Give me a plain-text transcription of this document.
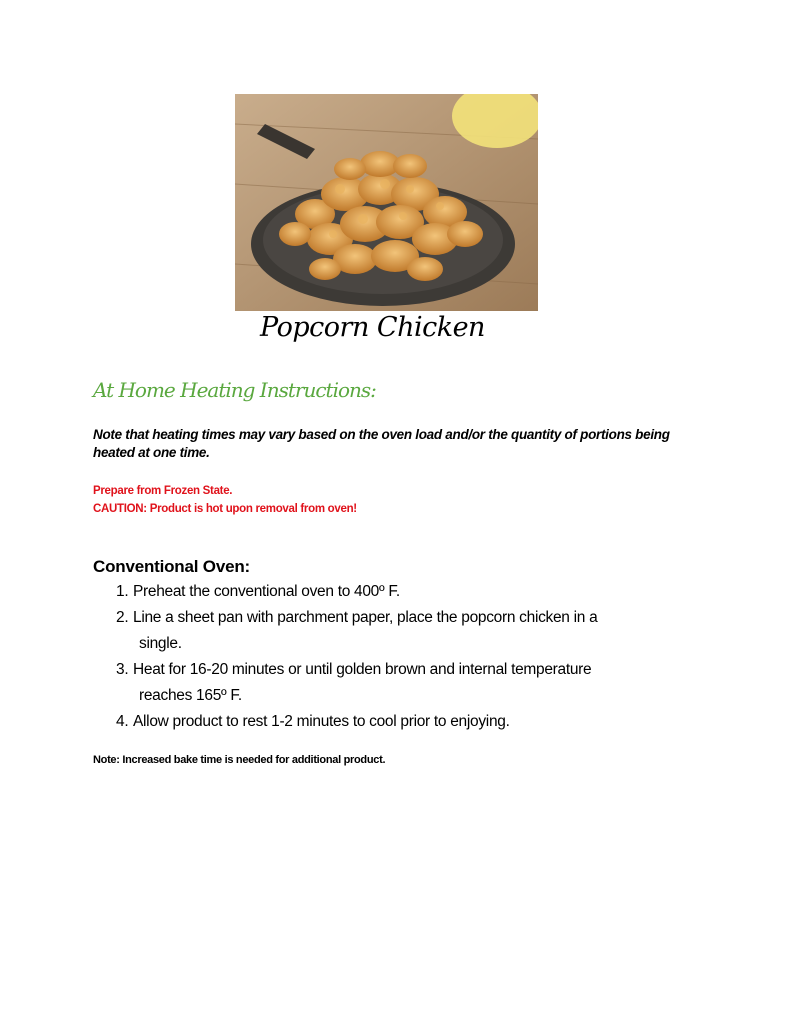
Popcorn Chicken
At Home Heating Instructions:
Note that heating times may vary based on the oven load and/or the quantity of portions being heated at one time.
Prepare from Frozen State.
CAUTION: Product is hot upon removal from oven!
Conventional Oven:
1. Preheat the conventional oven to 400º F.
2. Line a sheet pan with parchment paper, place the popcorn chicken in a
single.
3. Heat for 16-20 minutes or until golden brown and internal temperature
reaches 165º F.
4. Allow product to rest 1-2 minutes to cool prior to enjoying.
Note: Increased bake time is needed for additional product.
